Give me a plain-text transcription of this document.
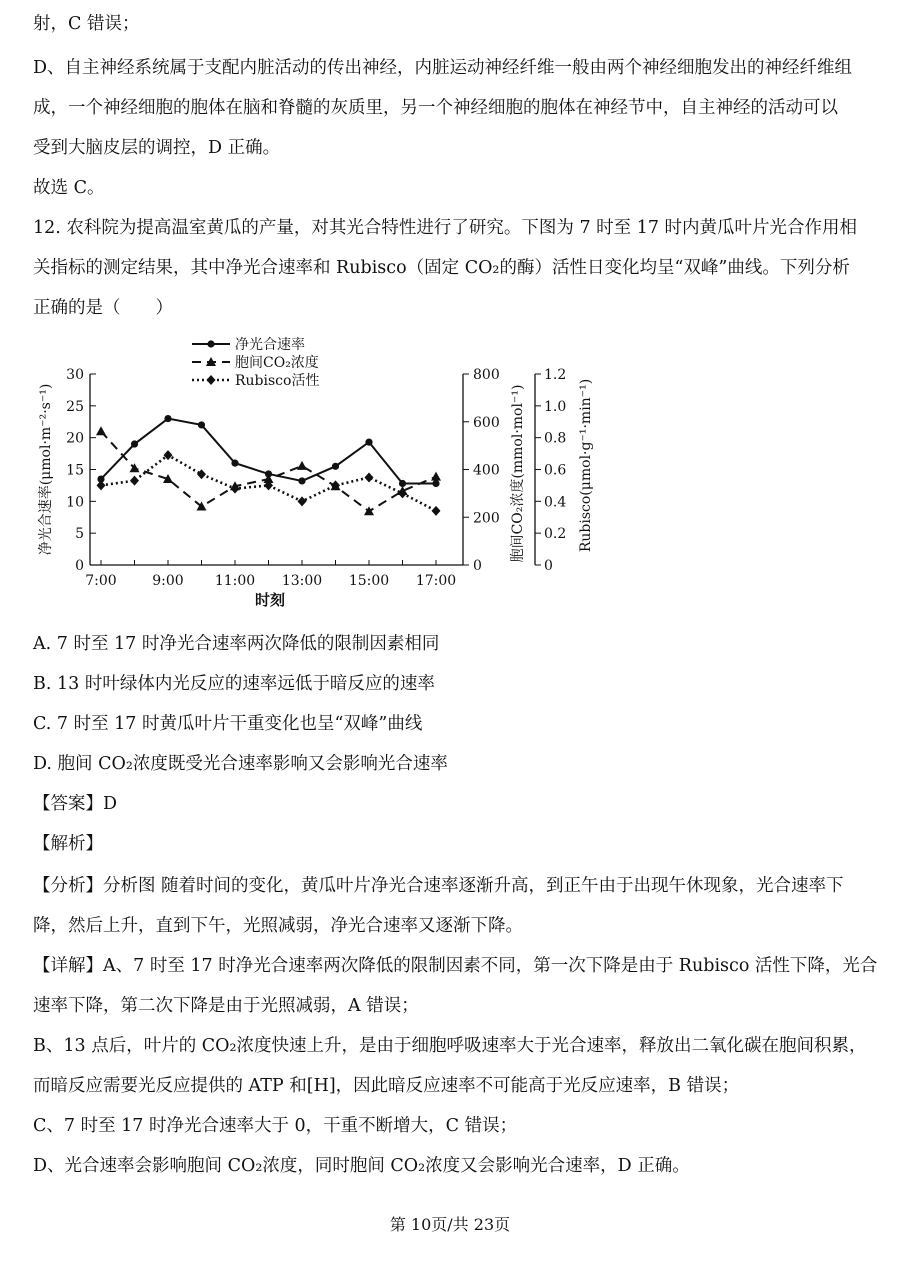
射，C 错误；
D、自主神经系统属于支配内脏活动的传出神经，内脏运动神经纤维一般由两个神经细胞发出的神经纤维组
成，一个神经细胞的胞体在脑和脊髓的灰质里，另一个神经细胞的胞体在神经节中，自主神经的活动可以
受到大脑皮层的调控，D 正确。
故选 C。
12. 农科院为提高温室黄瓜的产量，对其光合特性进行了研究。下图为 7 时至 17 时内黄瓜叶片光合作用相
关指标的测定结果，其中净光合速率和 Rubisco（固定 CO₂的酶）活性日变化均呈“双峰”曲线。下列分析
正确的是（　　）
0
5
10
15
20
25
30
0
200
400
600
800
0
0.2
0.4
0.6
0.8
1.0
1.2
7:00	9:00 11:00 13:00 15:00 17:00
时刻
净光合速率(μmol·m⁻²·s⁻¹)	胞间CO₂浓度(mmol·mol⁻¹)	Rubisco(μmol·g⁻¹·min⁻¹)
净光合速率
胞间CO₂浓度
Rubisco活性
A. 7 时至 17 时净光合速率两次降低的限制因素相同
B. 13 时叶绿体内光反应的速率远低于暗反应的速率
C. 7 时至 17 时黄瓜叶片干重变化也呈“双峰”曲线
D. 胞间 CO₂浓度既受光合速率影响又会影响光合速率
【答案】D
【解析】
【分析】分析图 随着时间的变化，黄瓜叶片净光合速率逐渐升高，到正午由于出现午休现象，光合速率下
降，然后上升，直到下午，光照减弱，净光合速率又逐渐下降。
【详解】A、7 时至 17 时净光合速率两次降低的限制因素不同，第一次下降是由于 Rubisco 活性下降，光合
速率下降，第二次下降是由于光照减弱，A 错误；
B、13 点后，叶片的 CO₂浓度快速上升，是由于细胞呼吸速率大于光合速率，释放出二氧化碳在胞间积累，
而暗反应需要光反应提供的 ATP 和[H]，因此暗反应速率不可能高于光反应速率，B 错误；
C、7 时至 17 时净光合速率大于 0，干重不断增大，C 错误；
D、光合速率会影响胞间 CO₂浓度，同时胞间 CO₂浓度又会影响光合速率，D 正确。
第 10页/共 23页
